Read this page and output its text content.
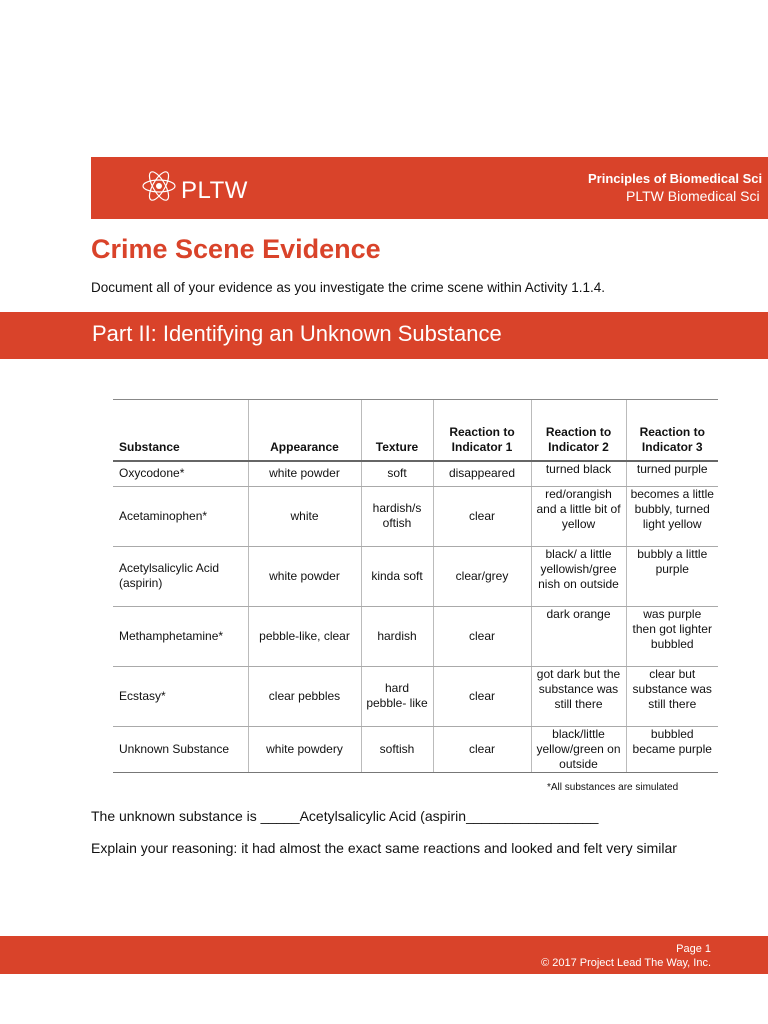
PLTW	Principles of Biomedical Sci
PLTW Biomedical Sci
Crime Scene Evidence
Document all of your evidence as you investigate the crime scene within Activity 1.1.4.
Part II: Identifying an Unknown Substance
Substance	Appearance	Texture	Reaction to Indicator 1	Reaction to Indicator 2	Reaction to Indicator 3
Oxycodone*	white powder	soft	disappeared	turned black	turned purple
Acetaminophen*	white	hardish/s oftish	clear	red/orangish and a little bit of yellow	becomes a little bubbly, turned light yellow
Acetylsalicylic Acid (aspirin)	white powder	kinda soft	clear/grey	black/ a little yellowish/gree nish on outside	bubbly a little purple
Methamphetamine*	pebble-like, clear	hardish	clear	dark orange	was purple then got lighter bubbled
Ecstasy*	clear pebbles	hard pebble- like	clear	got dark but the substance was still there	clear but substance was still there
Unknown Substance	white powdery	softish	clear	black/little yellow/green on outside	bubbled became purple
*All substances are simulated
The unknown substance is _____Acetylsalicylic Acid (aspirin_________________
Explain your reasoning: it had almost the exact same reactions and looked and felt very similar
Page 1
© 2017 Project Lead The Way, Inc.
